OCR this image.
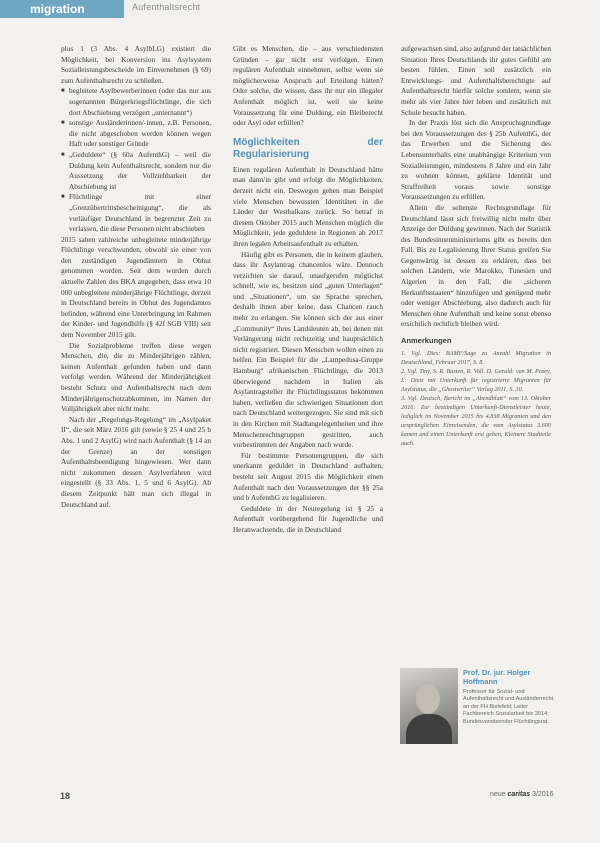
migration	Aufenthaltsrecht

plus 1 (3 Abs. 4 AsylbLG) existiert die Möglichkeit, bei Konversion ins Asylsystem Sozialleistungsbescheide im Einvernehmen (§ 69) zum Aufenthaltsrecht zu schließen.

■ begleitete Asylbewerberinnen (oder das nur aus sogenannten Bürgerkriegsflüchtlinge, die sich dort Abschiebung verzögert „unternannt“)
■ sonstige Ausländerinnen/-innen, z.B. Personen, die nicht abgeschoben werden können wegen Haft oder sonstiger Gründe
■ „Geduldete“ (§ 60a AufenthG) – weil die Duldung kein Aufenthaltsrecht, sondern nur die Aussetzung der Vollziehbarkeit der Abschiebung ist
■ Flüchtlinge mit einer „Grenzübertrittsbescheinigung“, die als vorläufiger Deutschland in begrenzter Zeit zu verlassen, die diese Personen nicht abschieben

2015 sahen zahlreiche unbegleitete minderjährige Flüchtlinge verschwunden, obwohl sie einer von den zuständigen Jugendämtern in Obhut genommen worden. Seit dem wurden durch aktuelle Zahlen des BKA angegeben, dass etwa 10 000 unbegleitete minderjährige Flüchtlinge, derzeit in Deutschland bereits in Obhut des Jugendamtes befinden, während eine Unterbringung im Rahmen der Kinder- und Jugendhilfe (§ 42f SGB VIII) seit dem November 2015 gilt.

Die Sozialprobleme treffen diese wegen Menschen, die, die zu Minderjährigen zählen, keinen Aufenthalt gefunden haben und dann verfolgt werden. Während der Minderjährigkeit besteht Schutz und Aufenthaltsrecht nach dem Minderjährigenschutzabkommen, im Namen der Volljährigkeit aber nicht mehr.

Nach der „Regelungs-Regelung“ im „Asylpaket II“, die seit März 2016 gilt (sowie § 25 4 und 25 b Abs. 1 und 2 AsylG) wird nach Aufenthalt (§ 14 an der Grenze) an der sonstigen Aufenthaltsbeendigung hingewiesen. Wer dann nicht zukommen dessen Asylverfahren wird eingestellt (§ 33 Abs. 1, 5 und 6 AsylG). Ab diesem Zeitpunkt hält man sich illegal in Deutschland auf.

Gibt es Menschen, die – aus verschiedensten Gründen – gar nicht erst verfolgen. Einen regulären Aufenthalt einnehmen, selbst wenn sie möglicherweise Anspruch auf Erteilung hätten? Oder solche, die wissen, dass ihr nur ein illegaler Aufenthalt möglich ist, weil sie keine Voraussetzung für eine Duldung, ein Bleiberecht oder Asyl oder erfüllen?

Möglichkeiten der Regularisierung

Einen regulären Aufenthalt in Deutschland hätte man dann/in gibt und erfolgt die Möglichkeiten, derzeit nicht ein. Deswegen gehen man Beispiel viele Menschen bewussten Identitäten in die Länder der Westbalkans zurück. So betraf in diesem Oktober 2015 auch Menschen möglich die Möglichkeit, jede geduldete in Regionen ab 2017 ihren legalen Arbeitsaufenthalt zu erhalten.

Häufig gibt es Personen, die in keinem glauben, dass ihr Asylantrag chancenlos wäre. Dennoch verzichten sie darauf, unaufgerufen möglichst schnell, wie es, besitzen sind „guten Unterlagen“ und „Situationen“, um sie Sprache sprechen, deshalb ihnen aber keine, dass Chancen rauch mehr zu erlangen. Sie können sich der aus einer „Community“ ihres Landsleuten ab, bei denen mit Verlängerung nicht rechtzeitig und hauptsächlich nicht registriert. Diesen Menschen wollen einen zu helfen. Ein Beispiel für die „Lampedusa-Gruppe Hamburg“ afrikanischen Flüchtlinge, die 2013 überwiegend nachdem in Italien als Asylantragsteller ihr Flüchtlingsstatus bekommen haben, verließen die schwierigen Situationen dort nach Deutschland weitergezogen. Sie sind mit sich in den Kirchen mit Stadtangelegenheiten und ihre Menschenrechtsgruppen gestritten, auch vorbestimmten der Angaben nach wurde.

Für bestimmte Personengruppen, die sich unerkannt geduldet in Deutschland aufhalten, besteht seit August 2015 die Möglichkeit einen Aufenthalt nach den Voraussetzungen der §§ 25a und b AufenthG zu legalisieren.

Geduldete in der Neuregelung ist § 25 a Aufenthalt vorübergehend für Jugendliche und Heranwachsende, die in Deutschland

aufgewachsen sind, also aufgrund der tatsächlichen Situation Ihres Deutschlands ihr gutes Gefühl am besten fühlen. Einen soll zusätzlich ein Entwicklungs- und Aufenthaltsberechtigte auf Aufenthaltsrecht hierfür solche sondern, wenn sie mehr als vier Jahre hier leben und zusätzlich mit Schule besucht haben.

In der Praxis löst sich die Anspruchsgrundlage bei den Voraussetzungen des § 25b AufenthG, der das Erwerben und die Sicherung des Lebensunterhalts eine unabhängige Kriterium von Sozialleistungen, mindestens 8 Jahre und ein Jahr zu wohnen können, geklärte Identität und Straffreiheit voraus sowie sonstige Voraussetzungen zu erfüllen.

Allein die seltenste Rechtsgrundlage für Deutschland lässt sich freiwillig nicht mehr über Anzeige der Duldung gewinnen. Nach der Statistik des Bundesinnenministeriums gibt es bereits den Fall. Bis zu Legalisierung Ihrer Status greifen Sie Gegenwärtig ist dessen zu erklären, dass bei solchen Ländern, wie Marokko, Tunesien und Algerien in den Fall, die „sicheren Herkunftsstaaten“ hinzufügen und genügend mehr oder weniger Abschiebung, also dadurch auch für Menschen ohne Aufenthalt und keine sonst ebenso ersichtlich rechtlich bleiben wird.

Anmerkungen
1. Vgl. Dies: BAMF/Sage zu Anzahl Migration in Deutschland, Februar 2017, S. 8.
2. Vgl. Tiny, S. R. Basten, R. Voll. D. Gerald: van M. Posey, L: Dietz mit Unterkunft für registrierte Migranten für Asylstatus, die „Ghostwriter“ Verlag 2011, S. 30.
3. Vgl. Deutsch, Bericht im „Abendblatt“ vom 13. Oktober 2016: Zur beständigen Unterkunft-Dienstleister heute, lediglich im November 2015 bis 4.838 Migranten und den ursprünglichen Einreisenden, die vom Asylstatus 3.600 kamen und einen Unterkunft erst geben, Kleinere Stadtteile auch.
Prof. Dr. jur. Holger Hoffmann
Professor für Sozial- und Aufenthaltsrecht und Ausländerrecht an der FH Bielefeld; Leiter Fachbereich Sozialarbeit bis 2014; Bundesvorsitzender Flüchtlingsrat.
18	neue caritas 3/2016
